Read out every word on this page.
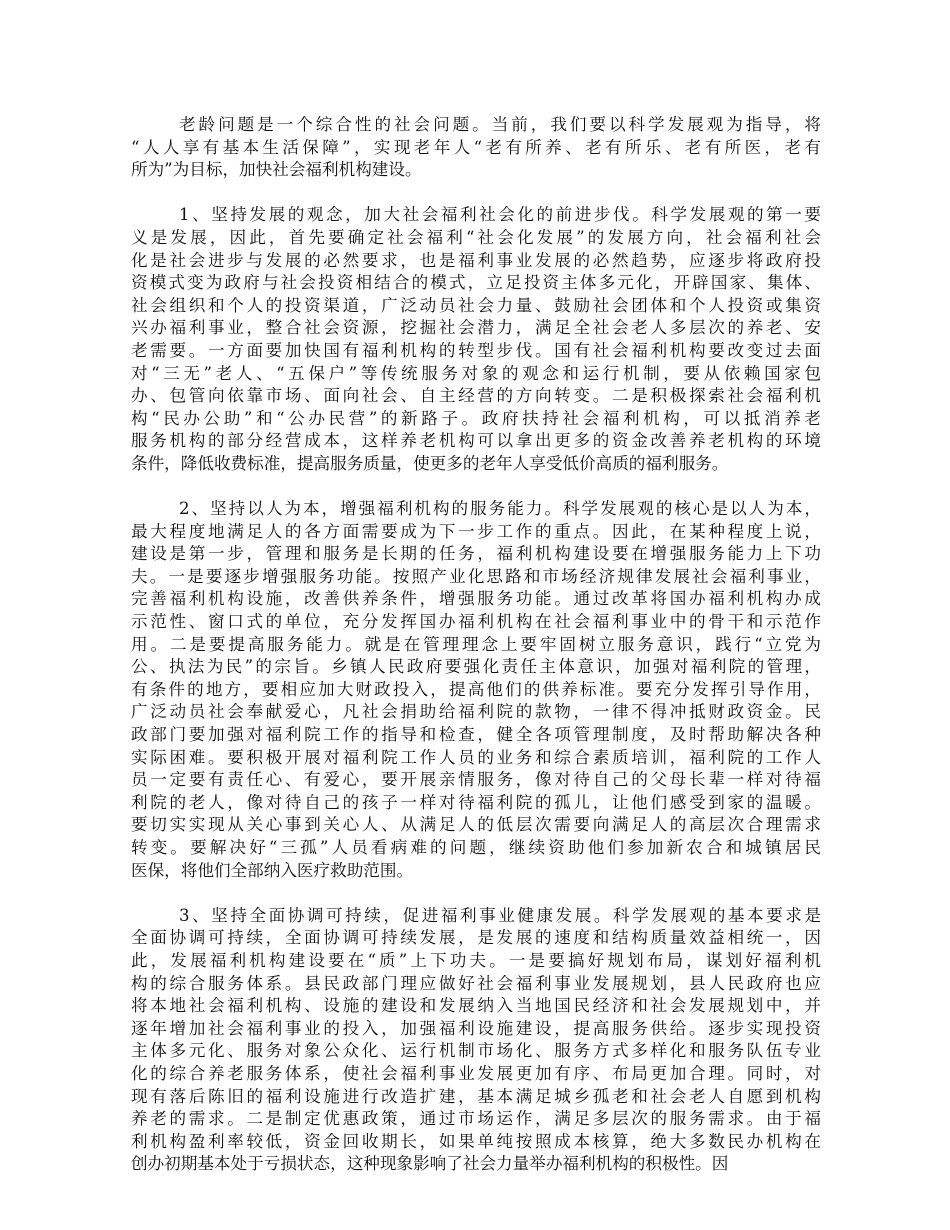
老龄问题是一个综合性的社会问题。当前，我们要以科学发展观为指导，将
“人人享有基本生活保障”，实现老年人“老有所养、老有所乐、老有所医，老有
所为”为目标，加快社会福利机构建设。
1、坚持发展的观念，加大社会福利社会化的前进步伐。科学发展观的第一要
义是发展，因此，首先要确定社会福利“社会化发展”的发展方向，社会福利社会
化是社会进步与发展的必然要求，也是福利事业发展的必然趋势，应逐步将政府投
资模式变为政府与社会投资相结合的模式，立足投资主体多元化，开辟国家、集体、
社会组织和个人的投资渠道，广泛动员社会力量、鼓励社会团体和个人投资或集资
兴办福利事业，整合社会资源，挖掘社会潜力，满足全社会老人多层次的养老、安
老需要。一方面要加快国有福利机构的转型步伐。国有社会福利机构要改变过去面
对“三无”老人、“五保户”等传统服务对象的观念和运行机制，要从依赖国家包
办、包管向依靠市场、面向社会、自主经营的方向转变。二是积极探索社会福利机
构“民办公助”和“公办民营”的新路子。政府扶持社会福利机构，可以抵消养老
服务机构的部分经营成本，这样养老机构可以拿出更多的资金改善养老机构的环境
条件，降低收费标准，提高服务质量，使更多的老年人享受低价高质的福利服务。
2、坚持以人为本，增强福利机构的服务能力。科学发展观的核心是以人为本，
最大程度地满足人的各方面需要成为下一步工作的重点。因此，在某种程度上说，
建设是第一步，管理和服务是长期的任务，福利机构建设要在增强服务能力上下功
夫。一是要逐步增强服务功能。按照产业化思路和市场经济规律发展社会福利事业，
完善福利机构设施，改善供养条件，增强服务功能。通过改革将国办福利机构办成
示范性、窗口式的单位，充分发挥国办福利机构在社会福利事业中的骨干和示范作
用。二是要提高服务能力。就是在管理理念上要牢固树立服务意识，践行“立党为
公、执法为民”的宗旨。乡镇人民政府要强化责任主体意识，加强对福利院的管理，
有条件的地方，要相应加大财政投入，提高他们的供养标准。要充分发挥引导作用，
广泛动员社会奉献爱心，凡社会捐助给福利院的款物，一律不得冲抵财政资金。民
政部门要加强对福利院工作的指导和检查，健全各项管理制度，及时帮助解决各种
实际困难。要积极开展对福利院工作人员的业务和综合素质培训，福利院的工作人
员一定要有责任心、有爱心，要开展亲情服务，像对待自己的父母长辈一样对待福
利院的老人，像对待自己的孩子一样对待福利院的孤儿，让他们感受到家的温暖。
要切实实现从关心事到关心人、从满足人的低层次需要向满足人的高层次合理需求
转变。要解决好“三孤”人员看病难的问题，继续资助他们参加新农合和城镇居民
医保，将他们全部纳入医疗救助范围。
3、坚持全面协调可持续，促进福利事业健康发展。科学发展观的基本要求是
全面协调可持续，全面协调可持续发展，是发展的速度和结构质量效益相统一，因
此，发展福利机构建设要在“质”上下功夫。一是要搞好规划布局，谋划好福利机
构的综合服务体系。县民政部门理应做好社会福利事业发展规划，县人民政府也应
将本地社会福利机构、设施的建设和发展纳入当地国民经济和社会发展规划中，并
逐年增加社会福利事业的投入，加强福利设施建设，提高服务供给。逐步实现投资
主体多元化、服务对象公众化、运行机制市场化、服务方式多样化和服务队伍专业
化的综合养老服务体系，使社会福利事业发展更加有序、布局更加合理。同时，对
现有落后陈旧的福利设施进行改造扩建，基本满足城乡孤老和社会老人自愿到机构
养老的需求。二是制定优惠政策，通过市场运作，满足多层次的服务需求。由于福
利机构盈利率较低，资金回收期长，如果单纯按照成本核算，绝大多数民办机构在
创办初期基本处于亏损状态，这种现象影响了社会力量举办福利机构的积极性。因
